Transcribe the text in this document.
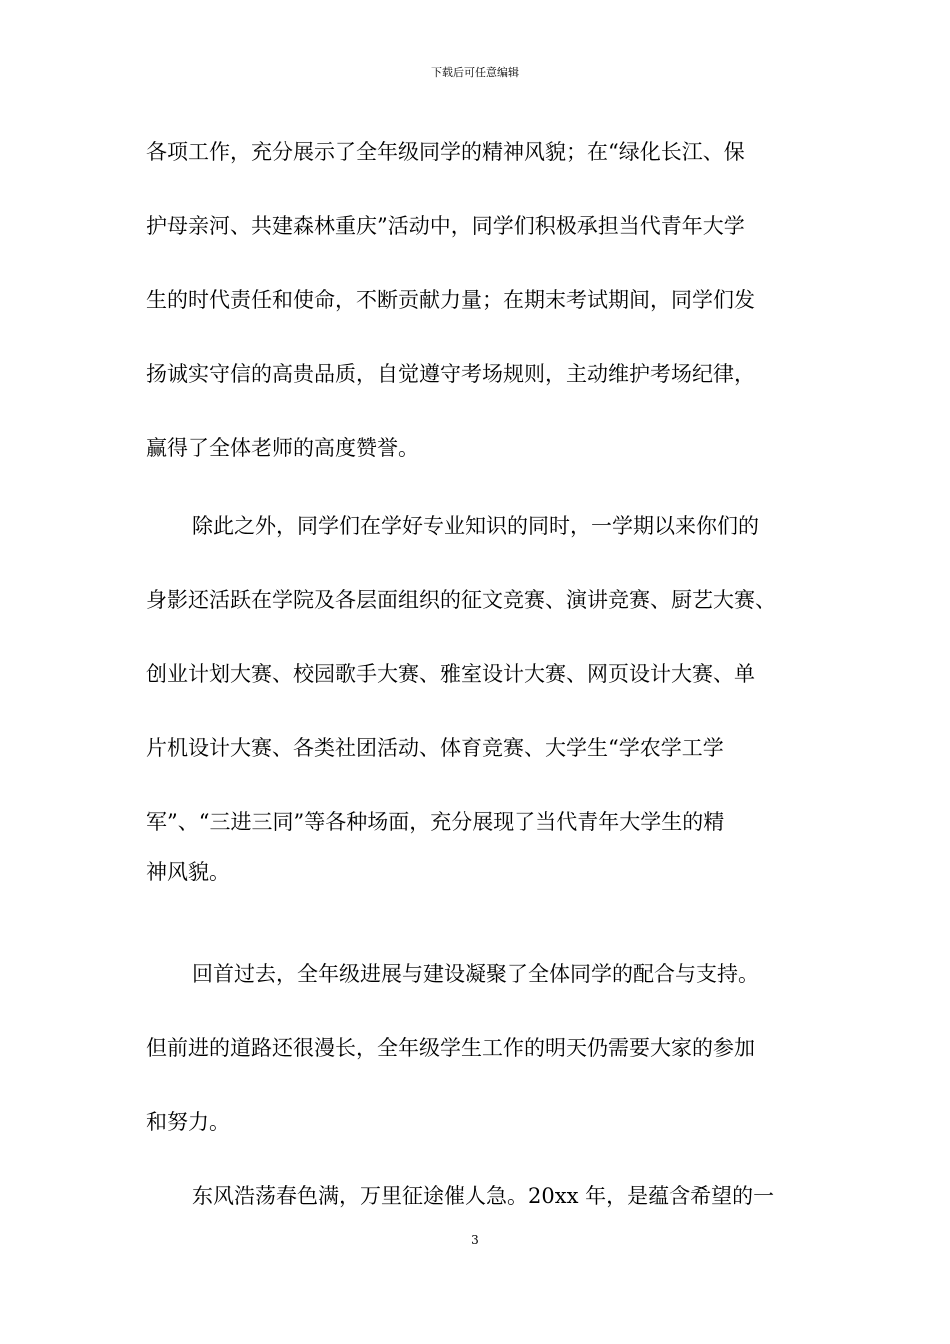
下载后可任意编辑
各项工作，充分展示了全年级同学的精神风貌；在“绿化长江、保
护母亲河、共建森林重庆”活动中，同学们积极承担当代青年大学
生的时代责任和使命，不断贡献力量；在期末考试期间，同学们发
扬诚实守信的高贵品质，自觉遵守考场规则，主动维护考场纪律，
赢得了全体老师的高度赞誉。
除此之外，同学们在学好专业知识的同时，一学期以来你们的
身影还活跃在学院及各层面组织的征文竞赛、演讲竞赛、厨艺大赛、
创业计划大赛、校园歌手大赛、雅室设计大赛、网页设计大赛、单
片机设计大赛、各类社团活动、体育竞赛、大学生“学农学工学
军”、“三进三同”等各种场面，充分展现了当代青年大学生的精
神风貌。
回首过去，全年级进展与建设凝聚了全体同学的配合与支持。
但前进的道路还很漫长，全年级学生工作的明天仍需要大家的参加
和努力。
东风浩荡春色满，万里征途催人急。20xx 年，是蕴含希望的一
3
